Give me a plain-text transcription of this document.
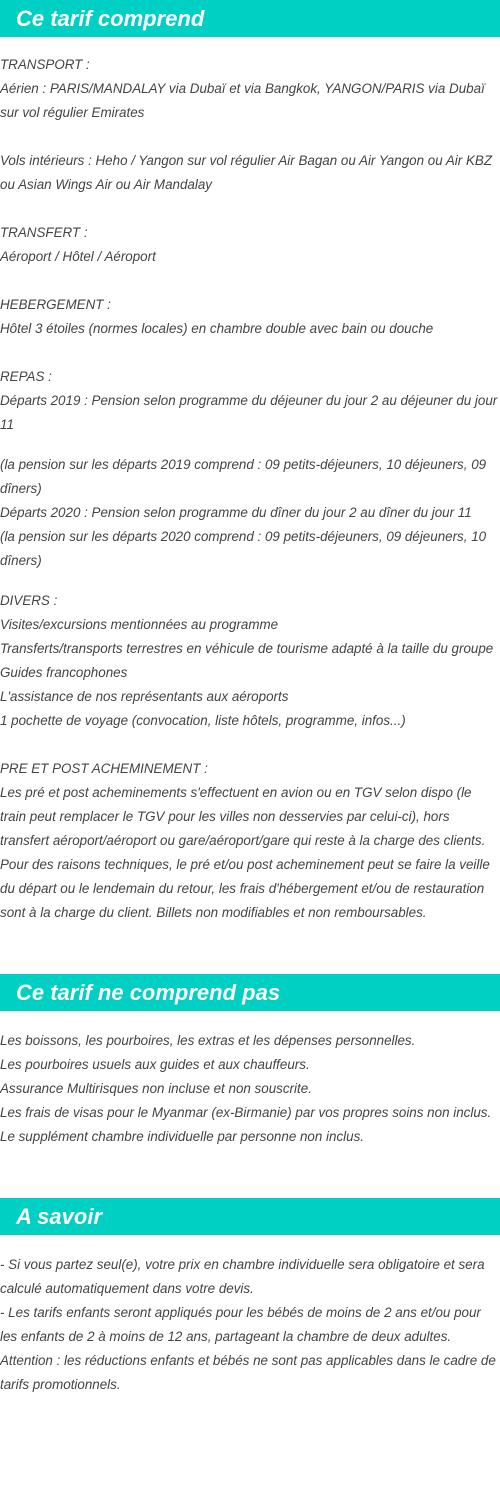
Ce tarif comprend

TRANSPORT :

Aérien : PARIS/MANDALAY via Dubaï et via Bangkok, YANGON/PARIS via Dubaï sur vol régulier Emirates

Vols intérieurs : Heho / Yangon sur vol régulier Air Bagan ou Air Yangon ou Air KBZ ou Asian Wings Air ou Air Mandalay

TRANSFERT :

Aéroport / Hôtel / Aéroport

HEBERGEMENT :

Hôtel 3 étoiles (normes locales) en chambre double avec bain ou douche

REPAS :

Départs 2019 : Pension selon programme du déjeuner du jour 2 au déjeuner du jour 11

(la pension sur les départs 2019 comprend : 09 petits-déjeuners, 10 déjeuners, 09 dîners)

Départs 2020 : Pension selon programme du dîner du jour 2 au dîner du jour 11

(la pension sur les départs 2020 comprend : 09 petits-déjeuners, 09 déjeuners, 10 dîners)

DIVERS :

Visites/excursions mentionnées au programme

Transferts/transports terrestres en véhicule de tourisme adapté à la taille du groupe

Guides francophones

L'assistance de nos représentants aux aéroports

1 pochette de voyage (convocation, liste hôtels, programme, infos...)

PRE ET POST ACHEMINEMENT :

Les pré et post acheminements s'effectuent en avion ou en TGV selon dispo (le train peut remplacer le TGV pour les villes non desservies par celui-ci), hors transfert aéroport/aéroport ou gare/aéroport/gare qui reste à la charge des clients. Pour des raisons techniques, le pré et/ou post acheminement peut se faire la veille du départ ou le lendemain du retour, les frais d'hébergement et/ou de restauration sont à la charge du client. Billets non modifiables et non remboursables.

Ce tarif ne comprend pas

Les boissons, les pourboires, les extras et les dépenses personnelles.

Les pourboires usuels aux guides et aux chauffeurs.

Assurance Multirisques non incluse et non souscrite.

Les frais de visas pour le Myanmar (ex-Birmanie) par vos propres soins non inclus.

Le supplément chambre individuelle par personne non inclus.

A savoir

- Si vous partez seul(e), votre prix en chambre individuelle sera obligatoire et sera calculé automatiquement dans votre devis.

- Les tarifs enfants seront appliqués pour les bébés de moins de 2 ans et/ou pour les enfants de 2 à moins de 12 ans, partageant la chambre de deux adultes.

Attention : les réductions enfants et bébés ne sont pas applicables dans le cadre de tarifs promotionnels.
